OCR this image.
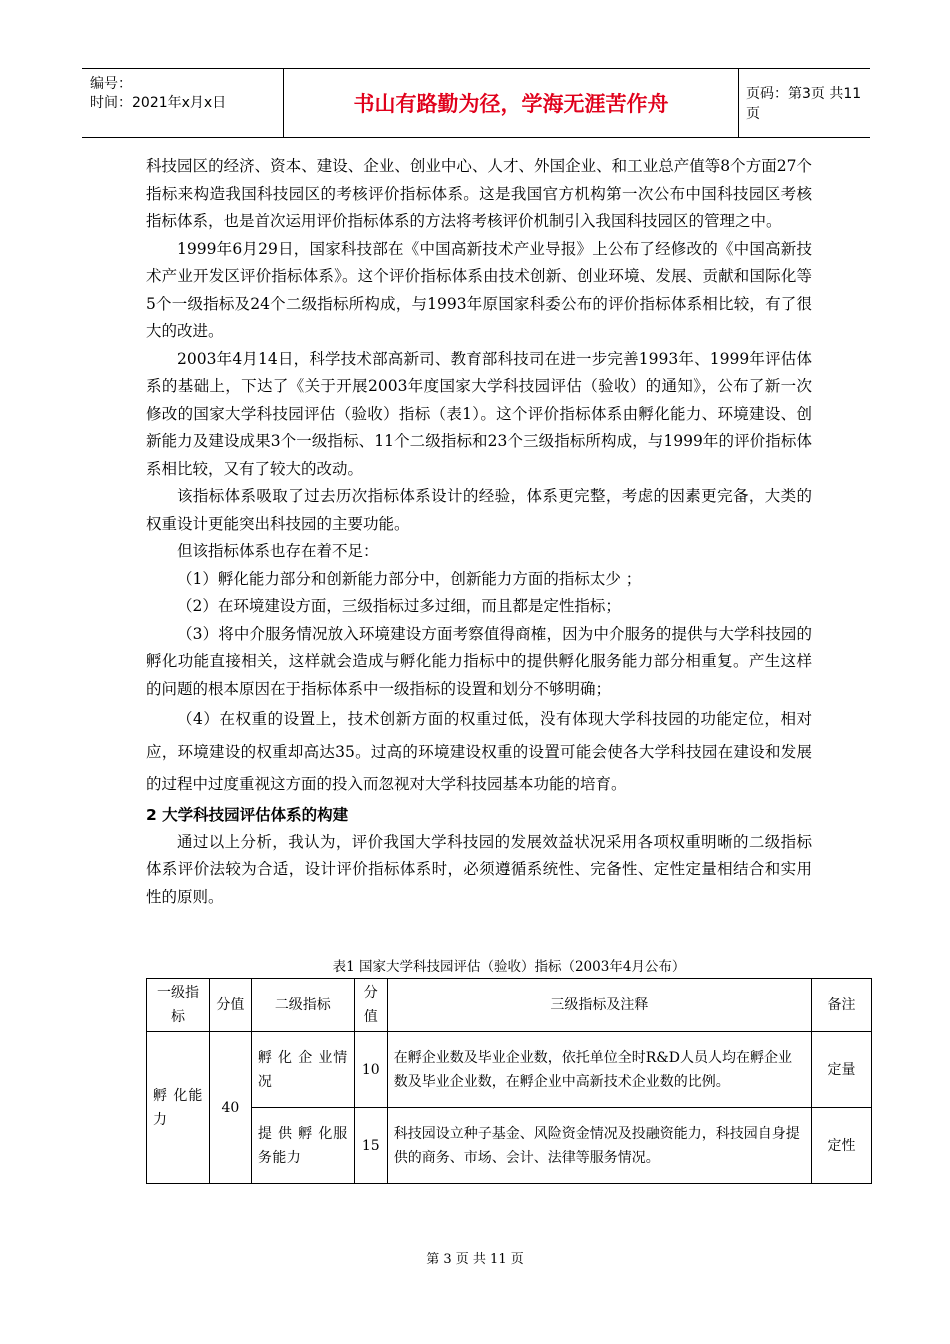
编号：
时间：2021年x月x日	书山有路勤为径，学海无涯苦作舟	页码：第3页 共11页

科技园区的经济、资本、建设、企业、创业中心、人才、外国企业、和工业总产值等8个方面27个指标来构造我国科技园区的考核评价指标体系。这是我国官方机构第一次公布中国科技园区考核指标体系，也是首次运用评价指标体系的方法将考核评价机制引入我国科技园区的管理之中。

1999年6月29日，国家科技部在《中国高新技术产业导报》上公布了经修改的《中国高新技术产业开发区评价指标体系》。这个评价指标体系由技术创新、创业环境、发展、贡献和国际化等5个一级指标及24个二级指标所构成，与1993年原国家科委公布的评价指标体系相比较，有了很大的改进。

2003年4月14日，科学技术部高新司、教育部科技司在进一步完善1993年、1999年评估体系的基础上，下达了《关于开展2003年度国家大学科技园评估（验收）的通知》，公布了新一次修改的国家大学科技园评估（验收）指标（表1）。这个评价指标体系由孵化能力、环境建设、创新能力及建设成果3个一级指标、11个二级指标和23个三级指标所构成，与1999年的评价指标体系相比较，又有了较大的改动。

该指标体系吸取了过去历次指标体系设计的经验，体系更完整，考虑的因素更完备，大类的权重设计更能突出科技园的主要功能。

但该指标体系也存在着不足：

（1）孵化能力部分和创新能力部分中，创新能力方面的指标太少 ；

（2）在环境建设方面，三级指标过多过细，而且都是定性指标；

（3）将中介服务情况放入环境建设方面考察值得商榷，因为中介服务的提供与大学科技园的孵化功能直接相关，这样就会造成与孵化能力指标中的提供孵化服务能力部分相重复。产生这样的问题的根本原因在于指标体系中一级指标的设置和划分不够明确；

（4）在权重的设置上，技术创新方面的权重过低，没有体现大学科技园的功能定位，相对应，环境建设的权重却高达35。过高的环境建设权重的设置可能会使各大学科技园在建设和发展的过程中过度重视这方面的投入而忽视对大学科技园基本功能的培育。

2 大学科技园评估体系的构建

通过以上分析，我认为，评价我国大学科技园的发展效益状况采用各项权重明晰的二级指标体系评价法较为合适，设计评价指标体系时，必须遵循系统性、完备性、定性定量相结合和实用性的原则。

表1 国家大学科技园评估（验收）指标（2003年4月公布）
一级指标	分值	二级指标	分值	三级指标及注释	备注
孵 化能力	40	孵 化 企 业情况	10	在孵企业数及毕业企业数，依托单位全时R&D人员人均在孵企业数及毕业企业数，在孵企业中高新技术企业数的比例。	定量
		提 供 孵 化服务能力	15	科技园设立种子基金、风险资金情况及投融资能力，科技园自身提供的商务、市场、会计、法律等服务情况。	定性
第 3 页 共 11 页
